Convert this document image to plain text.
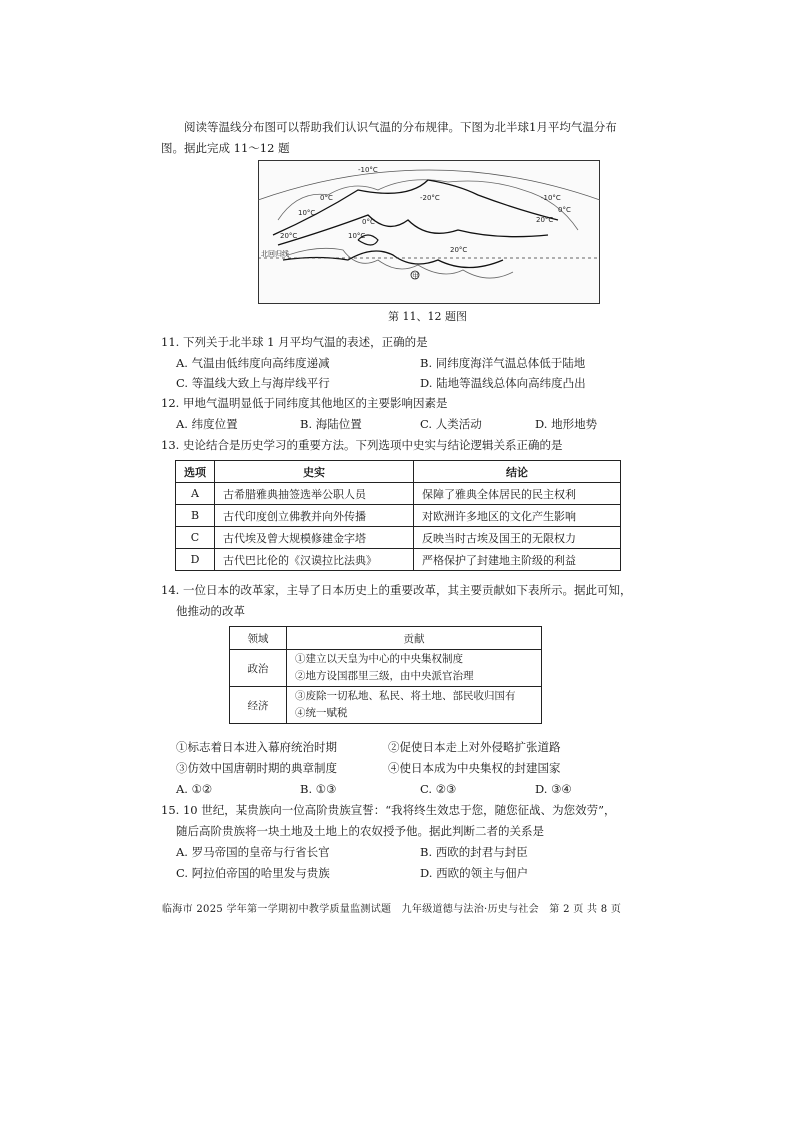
阅读等温线分布图可以帮助我们认识气温的分布规律。下图为北半球1月平均气温分布
图。据此完成 11～12 题
甲
-10°C
0°C	-20°C	-10°C
10°C
0°C
10°C
20°C
20°C
0°C
20°C
北回归线
第 11、12 题图
11. 下列关于北半球 1 月平均气温的表述，正确的是
A. 气温由低纬度向高纬度递减	B. 同纬度海洋气温总体低于陆地
C. 等温线大致上与海岸线平行	D. 陆地等温线总体向高纬度凸出
12. 甲地气温明显低于同纬度其他地区的主要影响因素是
A. 纬度位置	B. 海陆位置	C. 人类活动	D. 地形地势
13. 史论结合是历史学习的重要方法。下列选项中史实与结论逻辑关系正确的是
选项	史实	结论
A	古希腊雅典抽签选举公职人员	保障了雅典全体居民的民主权利
B	古代印度创立佛教并向外传播	对欧洲许多地区的文化产生影响
C	古代埃及曾大规模修建金字塔	反映当时古埃及国王的无限权力
D	古代巴比伦的《汉谟拉比法典》	严格保护了封建地主阶级的利益
14. 一位日本的改革家，主导了日本历史上的重要改革，其主要贡献如下表所示。据此可知，
他推动的改革
领域	贡献
政治	①建立以天皇为中心的中央集权制度
②地方设国郡里三级，由中央派官治理

经济	③废除一切私地、私民、将土地、部民收归国有
④统一赋税
①标志着日本进入幕府统治时期	②促使日本走上对外侵略扩张道路
③仿效中国唐朝时期的典章制度	④使日本成为中央集权的封建国家
A. ①②	B. ①③	C. ②③	D. ③④
15. 10 世纪，某贵族向一位高阶贵族宣誓：“我将终生效忠于您，随您征战、为您效劳”，
随后高阶贵族将一块土地及土地上的农奴授予他。据此判断二者的关系是
A. 罗马帝国的皇帝与行省长官	B. 西欧的封君与封臣
C. 阿拉伯帝国的哈里发与贵族	D. 西欧的领主与佃户
临海市 2025 学年第一学期初中教学质量监测试题　九年级道德与法治·历史与社会　第 2 页 共 8 页
